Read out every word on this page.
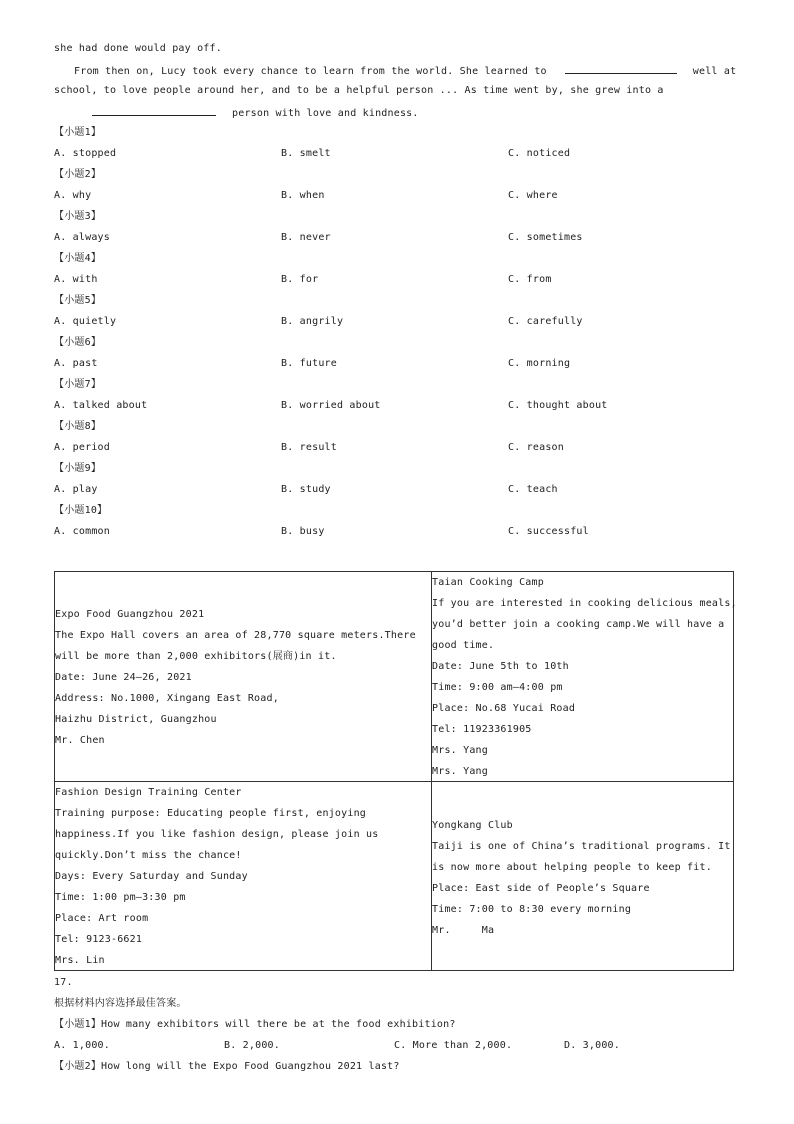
she had done would pay off.
From then on, Lucy took every chance to learn from the world. She learned to	well at
school, to love people around her, and to be a helpful person ... As time went by, she grew into a
person with love and kindness.
【小题1】
A. stopped	B. smelt	C. noticed
【小题2】
A. why	B. when	C. where
【小题3】
A. always	B. never	C. sometimes
【小题4】
A. with	B. for	C. from
【小题5】
A. quietly	B. angrily	C. carefully
【小题6】
A. past	B. future	C. morning
【小题7】
A. talked about	B. worried about	C. thought about
【小题8】
A. period	B. result	C. reason
【小题9】
A. play	B. study	C. teach
【小题10】
A. common	B. busy	C. successful
Expo Food Guangzhou 2021
The Expo Hall covers an area of 28,770 square meters.There
will be more than 2,000 exhibitors(展商)in it.
Date: June 24—26, 2021
Address: No.1000, Xingang East Road,
Haizhu District, Guangzhou
Mr. Chen
Taian Cooking Camp
If you are interested in cooking delicious meals,
you’d better join a cooking camp.We will have a
good time.
Date: June 5th to 10th
Time: 9:00 am—4:00 pm
Place: No.68 Yucai Road
Tel: 11923361905
Mrs. Yang
Mrs. Yang
Fashion Design Training Center
Training purpose: Educating people first, enjoying
happiness.If you like fashion design, please join us
quickly.Don’t miss the chance!
Days: Every Saturday and Sunday
Time: 1:00 pm—3:30 pm
Place: Art room
Tel: 9123-6621
Mrs. Lin
Yongkang Club
Taiji is one of China’s traditional programs. It
is now more about helping people to keep fit.
Place: East side of People’s Square
Time: 7:00 to 8:30 every morning
Mr.     Ma
17.
根据材料内容选择最佳答案。
【小题1】How many exhibitors will there be at the food exhibition?
A. 1,000.	B. 2,000.	C. More than 2,000.	D. 3,000.
【小题2】How long will the Expo Food Guangzhou 2021 last?
